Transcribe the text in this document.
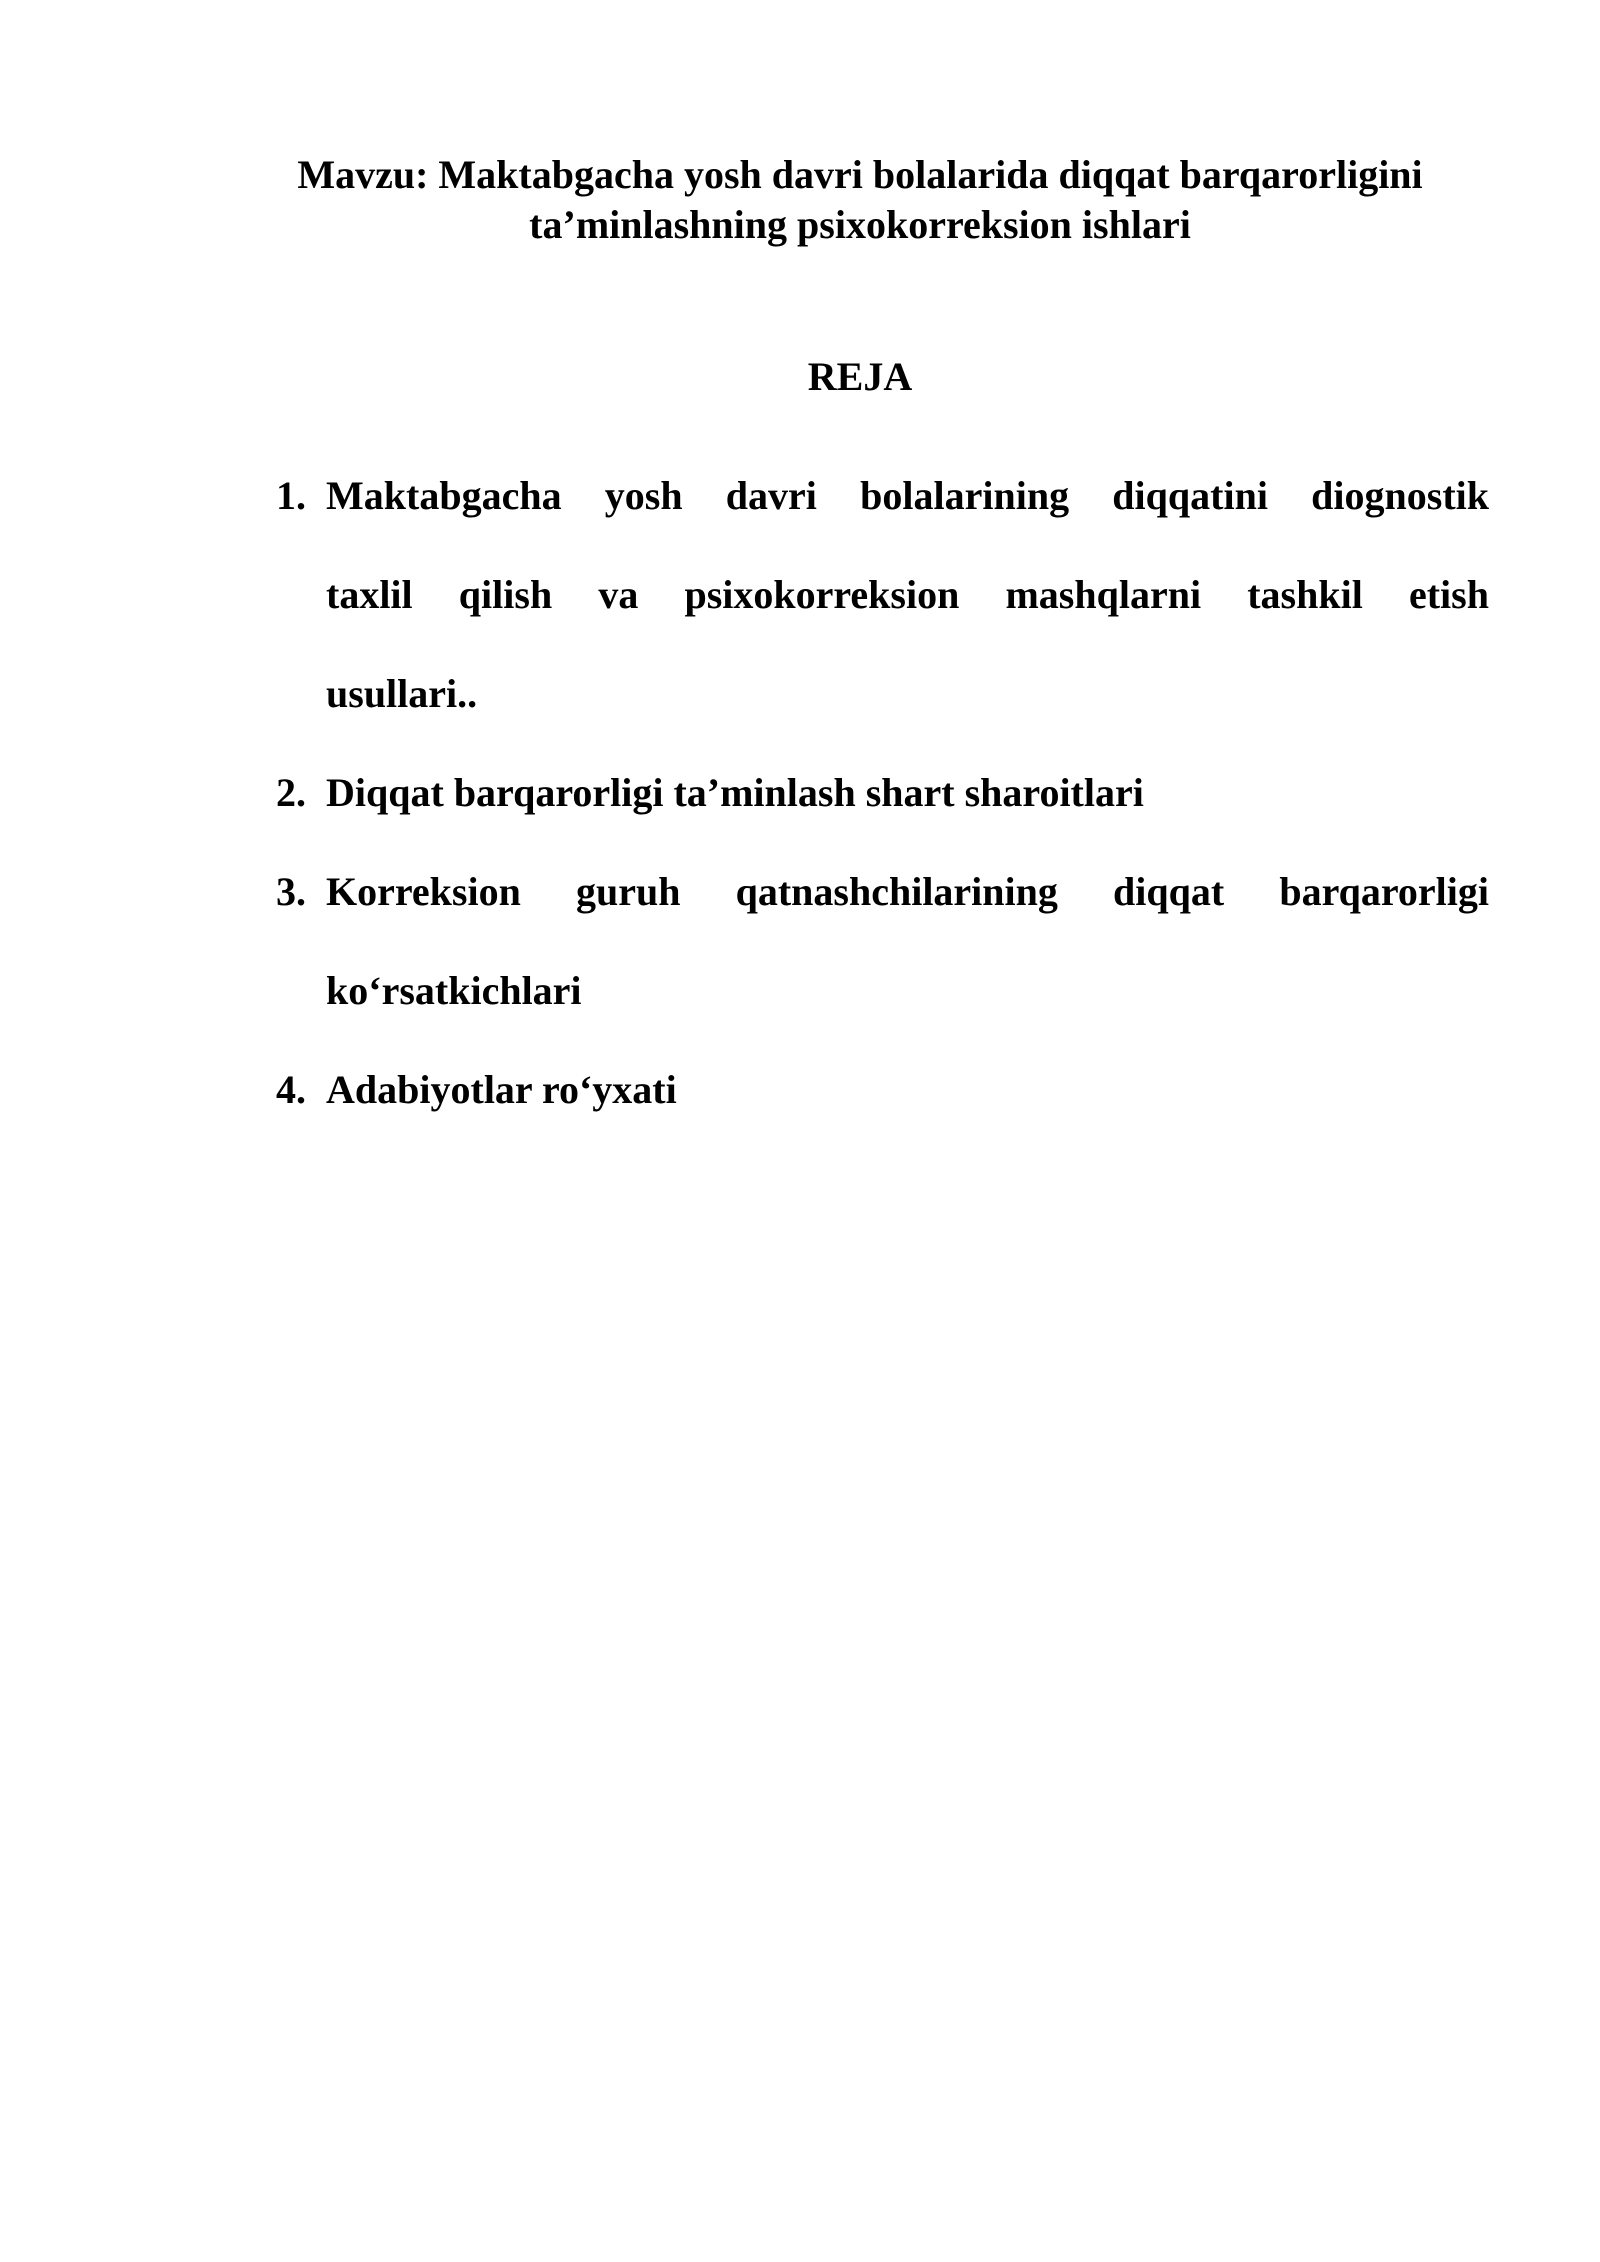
Mavzu: Maktabgacha yosh davri bolalarida diqqat barqarorligini
ta’minlashning psixokorreksion ishlari
REJA
1. Maktabgacha yosh davri bolalarining diqqatini diognostik
taxlil qilish va psixokorreksion mashqlarni tashkil etish
usullari..
2. Diqqat barqarorligi ta’minlash shart sharoitlari
3. Korreksion guruh qatnashchilarining diqqat barqarorligi
ko‘rsatkichlari
4. Adabiyotlar ro‘yxati
